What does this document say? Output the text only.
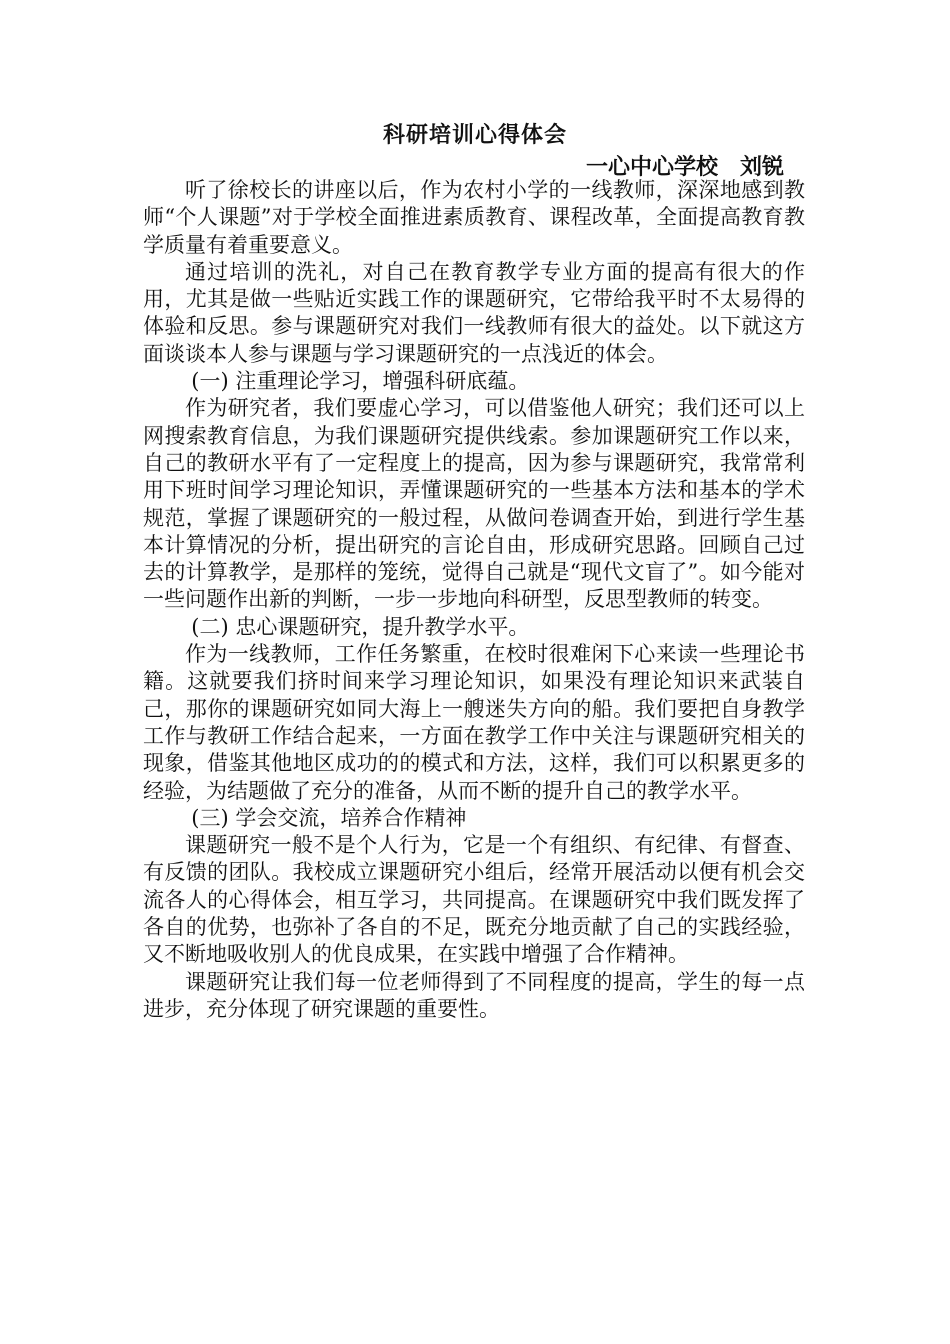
科研培训心得体会
一心中心学校 刘锐

听了徐校长的讲座以后，作为农村小学的一线教师，深深地感到教师“个人课题”对于学校全面推进素质教育、课程改革，全面提高教育教学质量有着重要意义。

通过培训的洗礼，对自己在教育教学专业方面的提高有很大的作用，尤其是做一些贴近实践工作的课题研究，它带给我平时不太易得的体验和反思。参与课题研究对我们一线教师有很大的益处。以下就这方面谈谈本人参与课题与学习课题研究的一点浅近的体会。

(一) 注重理论学习，增强科研底蕴。

作为研究者，我们要虚心学习，可以借鉴他人研究；我们还可以上网搜索教育信息，为我们课题研究提供线索。参加课题研究工作以来，自己的教研水平有了一定程度上的提高，因为参与课题研究，我常常利用下班时间学习理论知识，弄懂课题研究的一些基本方法和基本的学术规范，掌握了课题研究的一般过程，从做问卷调查开始，到进行学生基本计算情况的分析，提出研究的言论自由，形成研究思路。回顾自己过去的计算教学，是那样的笼统，觉得自己就是“现代文盲了”。如今能对一些问题作出新的判断，一步一步地向科研型，反思型教师的转变。

(二) 忠心课题研究，提升教学水平。

作为一线教师，工作任务繁重，在校时很难闲下心来读一些理论书籍。这就要我们挤时间来学习理论知识，如果没有理论知识来武装自己，那你的课题研究如同大海上一艘迷失方向的船。我们要把自身教学工作与教研工作结合起来，一方面在教学工作中关注与课题研究相关的现象，借鉴其他地区成功的的模式和方法，这样，我们可以积累更多的经验，为结题做了充分的准备，从而不断的提升自己的教学水平。

(三) 学会交流，培养合作精神

课题研究一般不是个人行为，它是一个有组织、有纪律、有督查、有反馈的团队。我校成立课题研究小组后，经常开展活动以便有机会交流各人的心得体会，相互学习，共同提高。在课题研究中我们既发挥了各自的优势，也弥补了各自的不足，既充分地贡献了自己的实践经验，又不断地吸收别人的优良成果，在实践中增强了合作精神。

课题研究让我们每一位老师得到了不同程度的提高，学生的每一点进步，充分体现了研究课题的重要性。
